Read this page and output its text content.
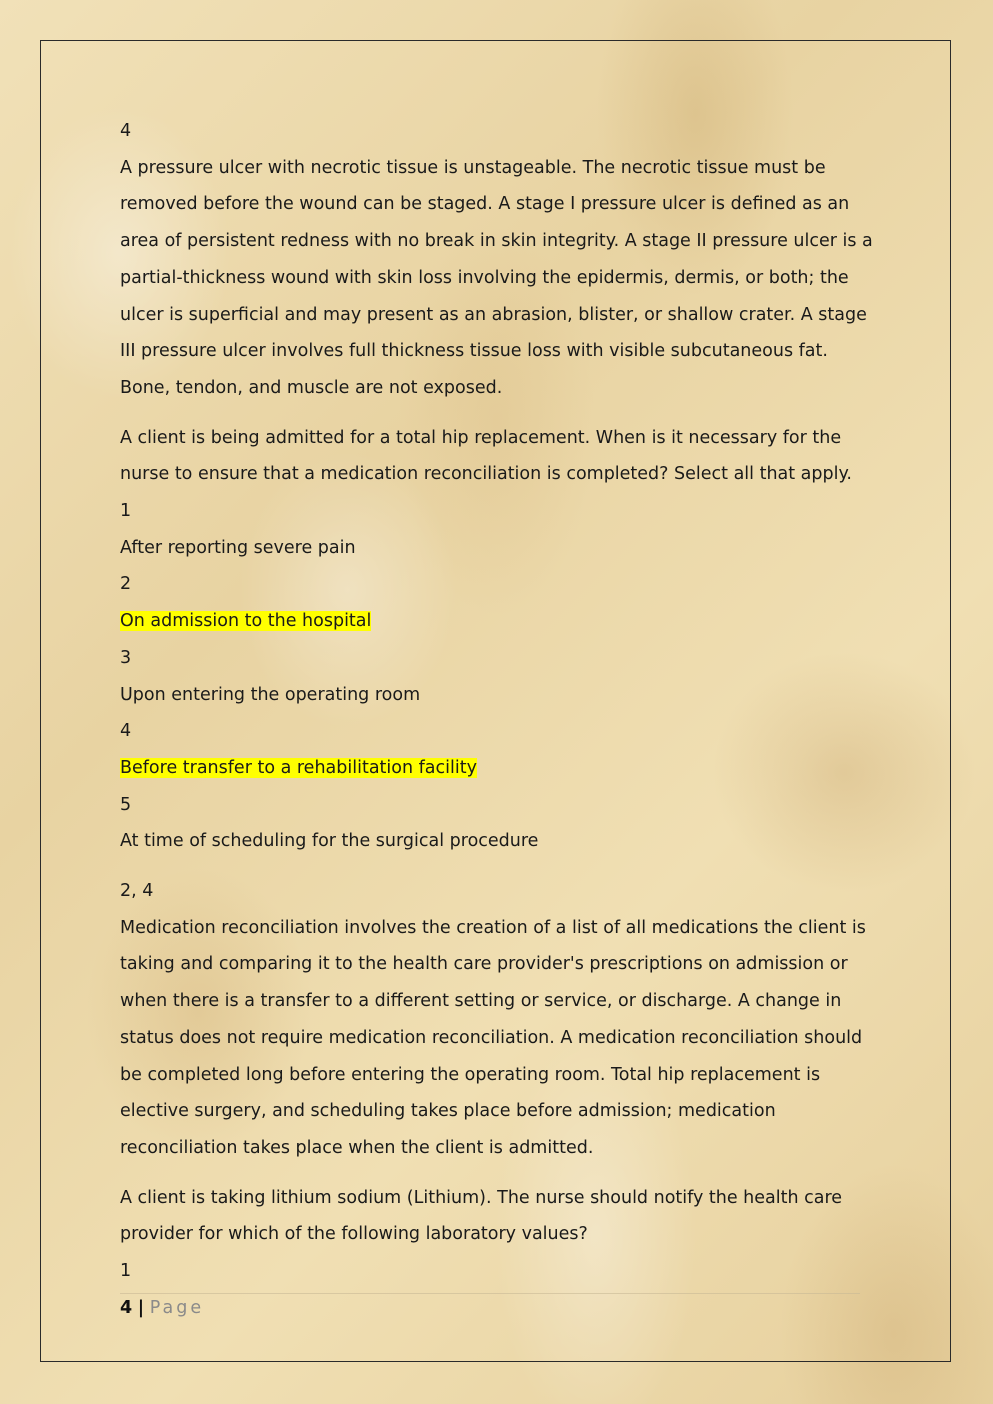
4

A pressure ulcer with necrotic tissue is unstageable. The necrotic tissue must be removed before the wound can be staged. A stage I pressure ulcer is defined as an area of persistent redness with no break in skin integrity. A stage II pressure ulcer is a partial-thickness wound with skin loss involving the epidermis, dermis, or both; the ulcer is superficial and may present as an abrasion, blister, or shallow crater. A stage III pressure ulcer involves full thickness tissue loss with visible subcutaneous fat. Bone, tendon, and muscle are not exposed.

A client is being admitted for a total hip replacement. When is it necessary for the nurse to ensure that a medication reconciliation is completed? Select all that apply.

1

After reporting severe pain

2

On admission to the hospital

3

Upon entering the operating room

4

Before transfer to a rehabilitation facility

5

At time of scheduling for the surgical procedure

2, 4

Medication reconciliation involves the creation of a list of all medications the client is taking and comparing it to the health care provider's prescriptions on admission or when there is a transfer to a different setting or service, or discharge. A change in status does not require medication reconciliation. A medication reconciliation should be completed long before entering the operating room. Total hip replacement is elective surgery, and scheduling takes place before admission; medication reconciliation takes place when the client is admitted.

A client is taking lithium sodium (Lithium). The nurse should notify the health care provider for which of the following laboratory values?

1

4 | Page
